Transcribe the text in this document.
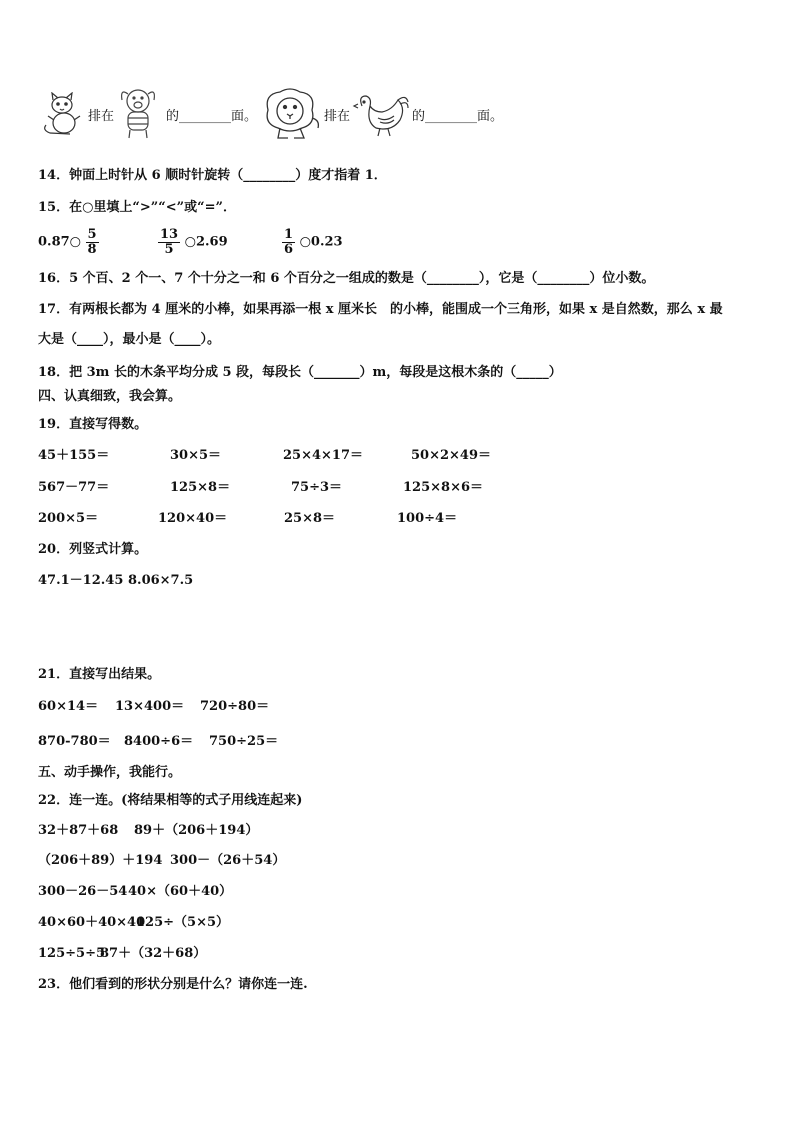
排在	的________面。	排在	的________面。
14．钟面上时针从 6 顺时针旋转（________）度才指着 1．
15．在○里填上“>”“<”或“=”．
0.87○ $\frac{5}{8}$	$\frac{13}{5}$ ○2.69	$\frac{1}{6}$ ○0.23
16．5 个百、2 个一、7 个十分之一和 6 个百分之一组成的数是（________），它是（________）位小数。
17．有两根长都为 4 厘米的小棒，如果再添一根 x 厘米长　的小棒，能围成一个三角形，如果 x 是自然数，那么 x 最
大是（____），最小是（____）。
18．把 3m 长的木条平均分成 5 段，每段长（_______）m，每段是这根木条的（_____）
四、认真细致，我会算。
19．直接写得数。
45＋155＝	30×5＝	25×4×17＝	50×2×49＝
567－77＝	125×8＝	75÷3＝	125×8×6＝
200×5＝	120×40＝	25×8＝	100÷4＝
20．列竖式计算。
47.1－12.45 8.06×7.5
21．直接写出结果。
60×14＝ 13×400＝ 720÷80＝
870-780＝ 8400÷6＝ 750÷25＝
五、动手操作，我能行。
22．连一连。(将结果相等的式子用线连起来)
32＋87＋68 89＋（206＋194）
（206＋89）＋194 300－（26＋54）
300－26－54 40×（60＋40）
40×60＋40×40
125÷（5×5）
125÷5÷5
87＋（32＋68）
23．他们看到的形状分别是什么？请你连一连.
